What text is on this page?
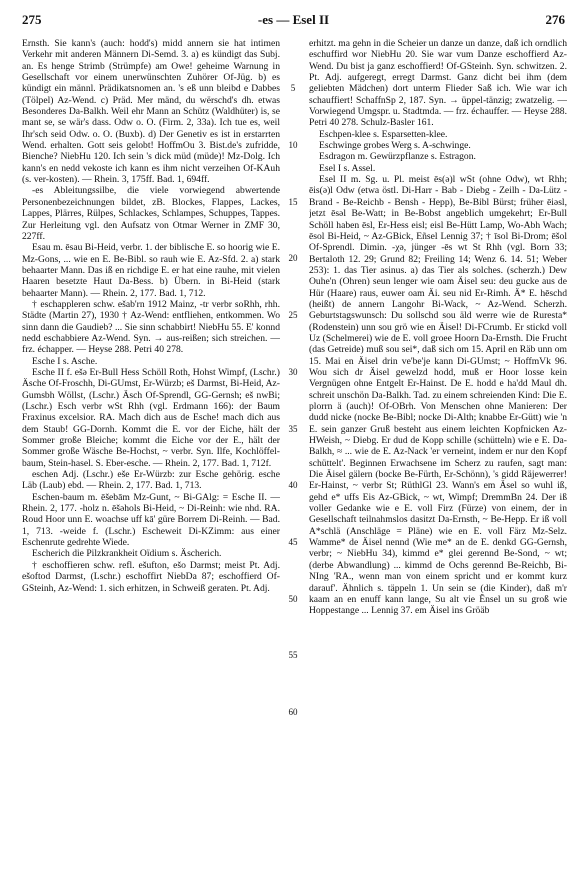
275	-es — Esel II	276

Ernsth. Sie kann's (auch: hodd's) midd annern sie hat intimen Verkehr mit anderen Männern Di-Semd. 3. a) es kündigt das Subj. an. Es henge Strimb (Strümpfe) am Owe! geheime Warnung in Gesellschaft vor einem unerwünschten Zuhörer Of-Jüg. b) es kündigt ein männl. Prädikatsnomen an. 's eß unn bleibd e Dabbes (Tölpel) Az-Wend. c) Präd. Mer mänd, du wërschd's dh. etwas Besonderes Da-Balkh. Weil ehr Mann an Schütz (Waldhüter) is, se mant se, se wär's dass. Odw o. O. (Firm. 2, 33a). Ich tue es, weil Ihr'sch seid Odw. o. O. (Buxb). d) Der Genetiv es ist in erstarrten Wend. erhalten. Gott seis gelobt! HoffmOu 3. Bist.de's zufridde, Bienche? NiebHu 120. Ich sein 's dick müd (müde)! Mz-Dolg. Ich kann's en nedd vekoste ich kann es ihm nicht verzeihen Of-KAuh (s. ver-kosten). — Rhein. 3, 175ff. Bad. 1, 694ff.

-es Ableitungssilbe, die viele vorwiegend abwertende Personenbezeichnungen bildet, zB. Blockes, Flappes, Lackes, Lappes, Plärres, Rülpes, Schlackes, Schlampes, Schuppes, Tappes. Zur Herleitung vgl. den Aufsatz von Otmar Werner in ZMF 30, 227ff.

Esau m. ēsau Bi-Heid, verbr. 1. der biblische E. so hoorig wie E. Mz-Gons, ... wie en E. Be-Bibl. so rauh wie E. Az-Sfd. 2. a) stark behaarter Mann. Das iß en richdige E. er hat eine rauhe, mit vielen Haaren besetzte Haut Da-Bess. b) Übern. in Bi-Heid (stark behaarter Mann). — Rhein. 2, 177. Bad. 1, 712.

† eschappleren schw. ešab'rn 1912 Mainz, -tr verbr soRhh, rhh. Städte (Martin 27), 1930 † Az-Wend: entfliehen, entkommen. Wo sinn dann die Gaudieb? ... Sie sinn schabbirt! NiebHu 55. E' konnd nedd eschabbiere Az-Wend. Syn. → aus-reißen; sich streichen. — frz. échapper. — Heyse 288. Petri 40 278.

Esche I s. Asche.

Esche II f. ešə Er-Bull Hess Schöll Roth, Hohst Wimpf, (Lschr.) Äsche Of-Froschh, Di-GUmst, Er-Würzb; eš Darmst, Bi-Heid, Az-Gumsbh Wöllst, (Lschr.) Äsch Of-Sprendl, GG-Gernsh; eš nwBi; (Lschr.) Esch verbr wSt Rhh (vgl. Erdmann 166): der Baum Fraxinus excelsior. RA. Mach dich aus de Esche! mach dich aus dem Staub! GG-Dornh. Kommt die E. vor der Eiche, hält der Sommer große Bleiche; kommt die Eiche vor der E., hält der Sommer große Wäsche Be-Hochst, ~ verbr. Syn. Ilfe, Kochlöffel-baum, Stein-hasel. S. Eber-esche. — Rhein. 2, 177. Bad. 1, 712f.

eschen Adj. (Lschr.) eše Er-Würzb: zur Esche gehörig. esche Läb (Laub) ebd. — Rhein. 2, 177. Bad. 1, 713.

Eschen-baum m. ēšebām Mz-Gunt, ~ Bi-GAlg: = Esche II. — Rhein. 2, 177. -holz n. ēšəhols Bi-Heid, ~ Di-Reinh: wie nhd. RA. Roud Hoor unn E. woachse uff kā' güre Borrem Di-Reinh. — Bad. 1, 713. -weide f. (Lschr.) Escheweit Di-KZimm: aus einer Eschenrute gedrehte Wiede.

Escherich die Pilzkrankheit Oïdium s. Äscherich.

† eschoffieren schw. refl. ešufton, ešo Darmst; meist Pt. Adj. ešoftod Darmst, (Lschr.) eschoffirt NiebDa 87; eschoffierd Of-GSteinh, Az-Wend: 1. sich erhitzen, in Schweiß geraten. Pt. Adj.

5
10
15
20
25
30
35
40
45
50
55
60

erhitzt. ma gehn in die Scheier un danze un danze, daß ich orndlich eschuffird wor NiebHu 20. Sie war vum Danze eschoffierd Az-Wend. Du bist ja ganz eschoffierd! Of-GSteinh. Syn. schwitzen. 2. Pt. Adj. aufgeregt, erregt Darmst. Ganz dicht bei ihm (dem geliebten Mädchen) dort unterm Flieder Saß ich. Wie war ich schauffiert! SchaffnSp 2, 187. Syn. → üppel-tänzig; zwatzelig. — Vorwiegend Umgspr. u. Stadtmda. — frz. échauffer. — Heyse 288. Petri 40 278. Schulz-Basler 161.

Eschpen-klee s. Esparsetten-klee.

Eschwinge grobes Werg s. A-schwinge.

Esdragon m. Gewürzpflanze s. Estragon.

Esel I s. Assel.

Esel II m. Sg. u. Pl. meist ēs(ə)l wSt (ohne Odw), wt Rhh; ēis(ə)l Odw (etwa östl. Di-Harr - Bab - Diebg - Zeilh - Da-Lütz - Brand - Be-Reichb - Bensh - Hepp), Be-Bibl Bürst; früher ēiəsl, jetzt ēsəl Be-Watt; in Be-Bobst angeblich umgekehrt; Er-Bull Schöll haben ēsl, Er-Hess eisl; eisl Be-Hütt Lamp, Wo-Abh Wach; ēsol Bi-Heid, ~ Az-GBick, Eñsel Lennig 37; † īsol Bi-Drom; ēšol Of-Sprendl. Dimin. -χə, jünger -ēs wt St Rhh (vgl. Born 33; Bertaloth 12. 29; Grund 82; Freiling 14; Wenz 6. 14. 51; Weber 253): 1. das Tier asinus. a) das Tier als solches. (scherzh.) Dew Ouhe'n (Ohren) seun lenger wie oam Äisel seu: deu gucke aus de Hür (Haare) raus, euwer oam Äi. seu nid Er-Rimh. Ä* E. hēschd (heißt) de annern Langohr Bi-Wack, ~ Az-Wend. Scherzh. Geburtstagswunsch: Du sollschd sou äld werre wie de Ruresta* (Rodenstein) unn sou grö wie en Äisel! Di-FCrumb. Er stickd voll Uz (Schelmerei) wie de E. voll groee Hoorn Da-Ernsth. Die Frucht (das Getreide) muß sou sei*, daß sich om 15. April en Räb unn om 15. Mai en Äisel drin ve'be'je kann Di-GUmst; ~ HoffmVk 96. Wou sich dr Äisel gewelzd hodd, muß er Hoor losse kein Vergnügen ohne Entgelt Er-Hainst. De E. hodd e ha'dd Maul dh. schreit unschön Da-Balkh. Tad. zu einem schreienden Kind: Die E. plorrn ä (auch)! Of-OBrh. Von Menschen ohne Manieren: Der dudd nicke (nocke Be-Bibl; nocke Di-Alth; knabbe Er-Gütt) wie 'n E. sein ganzer Gruß besteht aus einem leichten Kopfnicken Az-HWeish, ~ Diebg. Er dud de Kopp schille (schütteln) wie e E. Da-Balkh, ≈ ... wie de E. Az-Nack 'er verneint, indem er nur den Kopf schüttelt'. Beginnen Erwachsene im Scherz zu raufen, sagt man: Die Äisel gälern (bocke Be-Fürth, Er-Schönn), 's gidd Räjewerrer! Er-Hainst, ~ verbr St; RüthlGl 23. Wann's em Äsel so wuhl iß, gehd e* uffs Eis Az-GBick, ~ wt, Wimpf; DremmBn 24. Der iß voller Gedanke wie e E. voll Firz (Fürze) von einem, der in Gesellschaft teilnahmslos dasitzt Da-Ernsth, ~ Be-Hepp. Er iß voll A*schlä (Anschläge = Pläne) wie en E. voll Färz Mz-Selz. Wamme* de Äisel nennd (Wie me* an de E. denkd GG-Gernsh, verbr; ~ NiebHu 34), kimmd e* glei gerennd Be-Sond, ~ wt; (derbe Abwandlung) ... kimmd de Ochs gerennd Be-Reichb, Bi-NIng 'RA., wenn man von einem spricht und er kommt kurz darauf'. Ähnlich s. täppeln 1. Un sein se (die Kinder), daß m'r kaam an en enuff kann lange, Su alt vie Ĕnsel un su groß wie Hoppestange ... Lennig 37. em Äisel ins Gröäb
